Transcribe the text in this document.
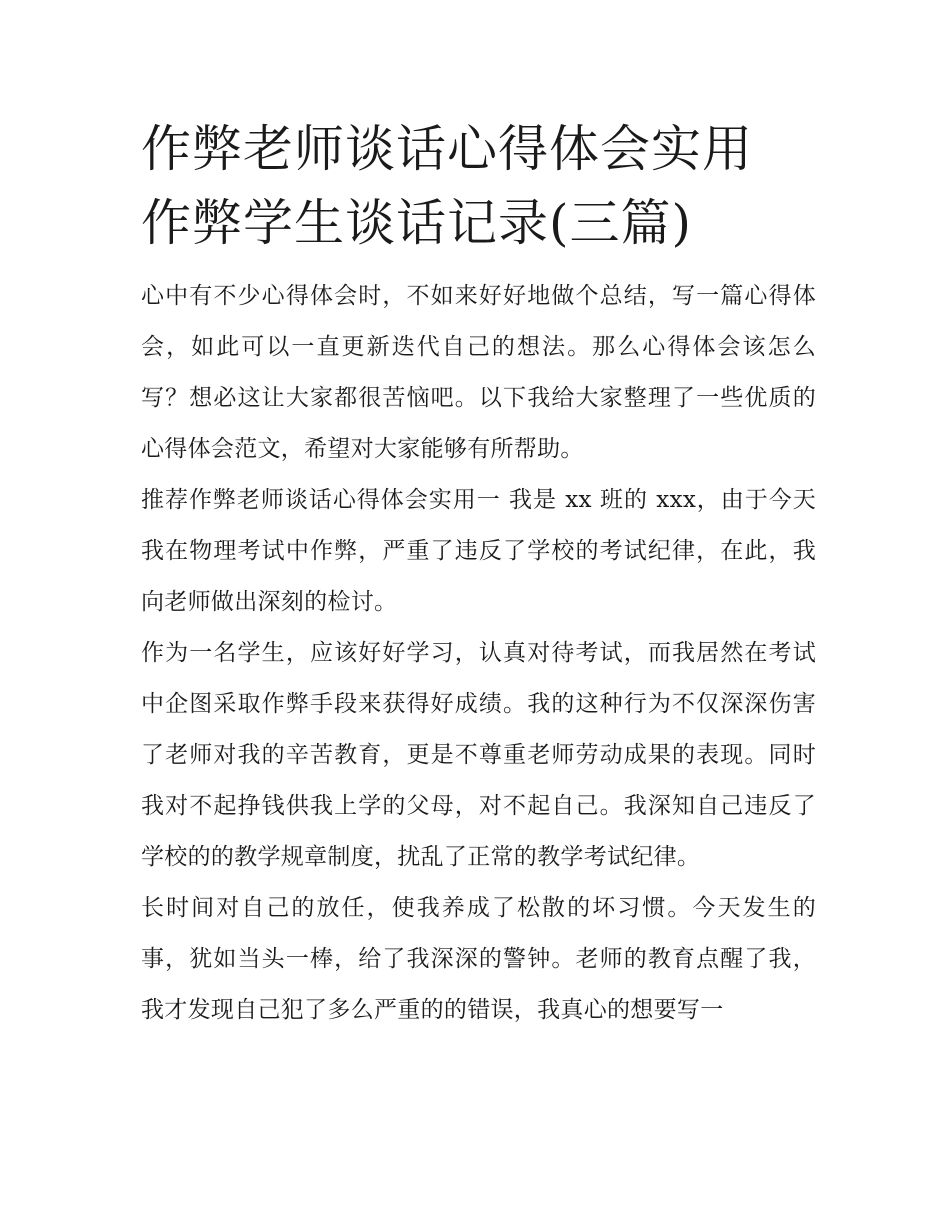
作弊老师谈话心得体会实用 作弊学生谈话记录(三篇)

心中有不少心得体会时，不如来好好地做个总结，写一篇心得体会，如此可以一直更新迭代自己的想法。那么心得体会该怎么写？想必这让大家都很苦恼吧。以下我给大家整理了一些优质的心得体会范文，希望对大家能够有所帮助。

推荐作弊老师谈话心得体会实用一 我是 xx 班的 xxx，由于今天我在物理考试中作弊，严重了违反了学校的考试纪律，在此，我向老师做出深刻的检讨。

作为一名学生，应该好好学习，认真对待考试，而我居然在考试中企图采取作弊手段来获得好成绩。我的这种行为不仅深深伤害了老师对我的辛苦教育，更是不尊重老师劳动成果的表现。同时我对不起挣钱供我上学的父母，对不起自己。我深知自己违反了学校的的教学规章制度，扰乱了正常的教学考试纪律。

长时间对自己的放任，使我养成了松散的坏习惯。今天发生的事，犹如当头一棒，给了我深深的警钟。老师的教育点醒了我，我才发现自己犯了多么严重的的错误，我真心的想要写一
